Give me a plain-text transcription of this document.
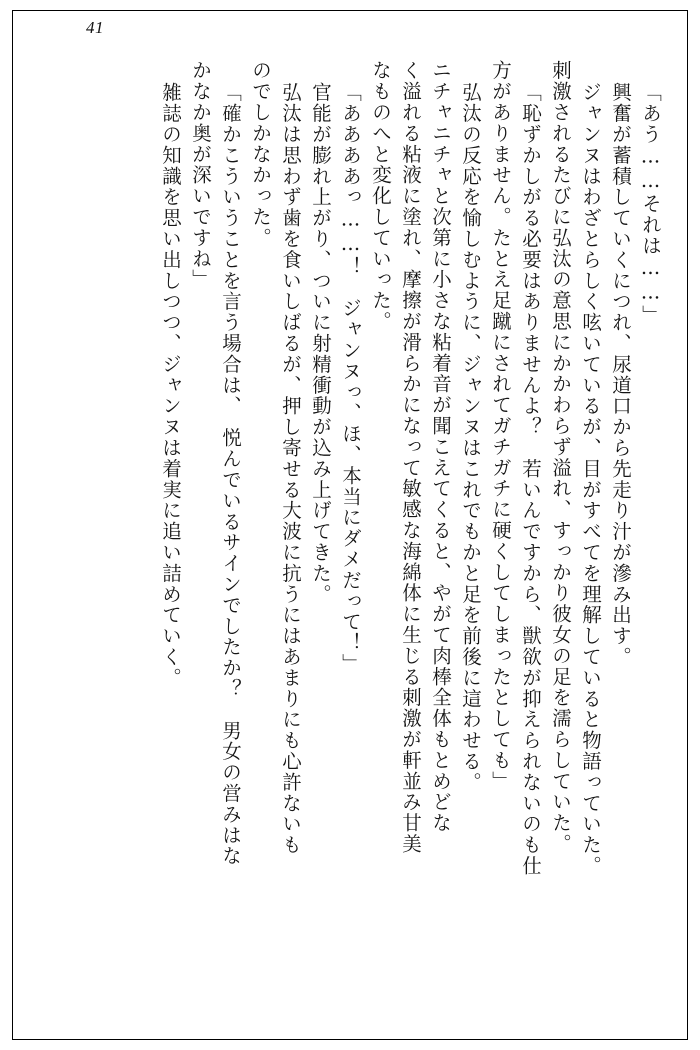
41
「あう……それは……」
興奮が蓄積していくにつれ、尿道口から先走り汁が滲み出す。
ジャンヌはわざとらしく呟いているが、目がすべてを理解していると物語っていた。
刺激されるたびに弘汰の意思にかかわらず溢れ、すっかり彼女の足を濡らしていた。
「恥ずかしがる必要はありませんよ？　若いんですから、獣欲が抑えられないのも仕
方がありません。たとえ足蹴にされてガチガチに硬くしてしまったとしても」
弘汰の反応を愉しむように、ジャンヌはこれでもかと足を前後に這わせる。
ニチャニチャと次第に小さな粘着音が聞こえてくると、やがて肉棒全体もとめどな
く溢れる粘液に塗れ、摩擦が滑らかになって敏感な海綿体に生じる刺激が軒並み甘美
なものへと変化していった。
「ああああっ……！　ジャンヌっ、ほ、本当にダメだって！」
官能が膨れ上がり、ついに射精衝動が込み上げてきた。
弘汰は思わず歯を食いしばるが、押し寄せる大波に抗うにはあまりにも心許ないも
のでしかなかった。
「確かこういうことを言う場合は、　悦んでいるサインでしたか？　男女の営みはな
かなか奥が深いですね」
雑誌の知識を思い出しつつ、ジャンヌは着実に追い詰めていく。
